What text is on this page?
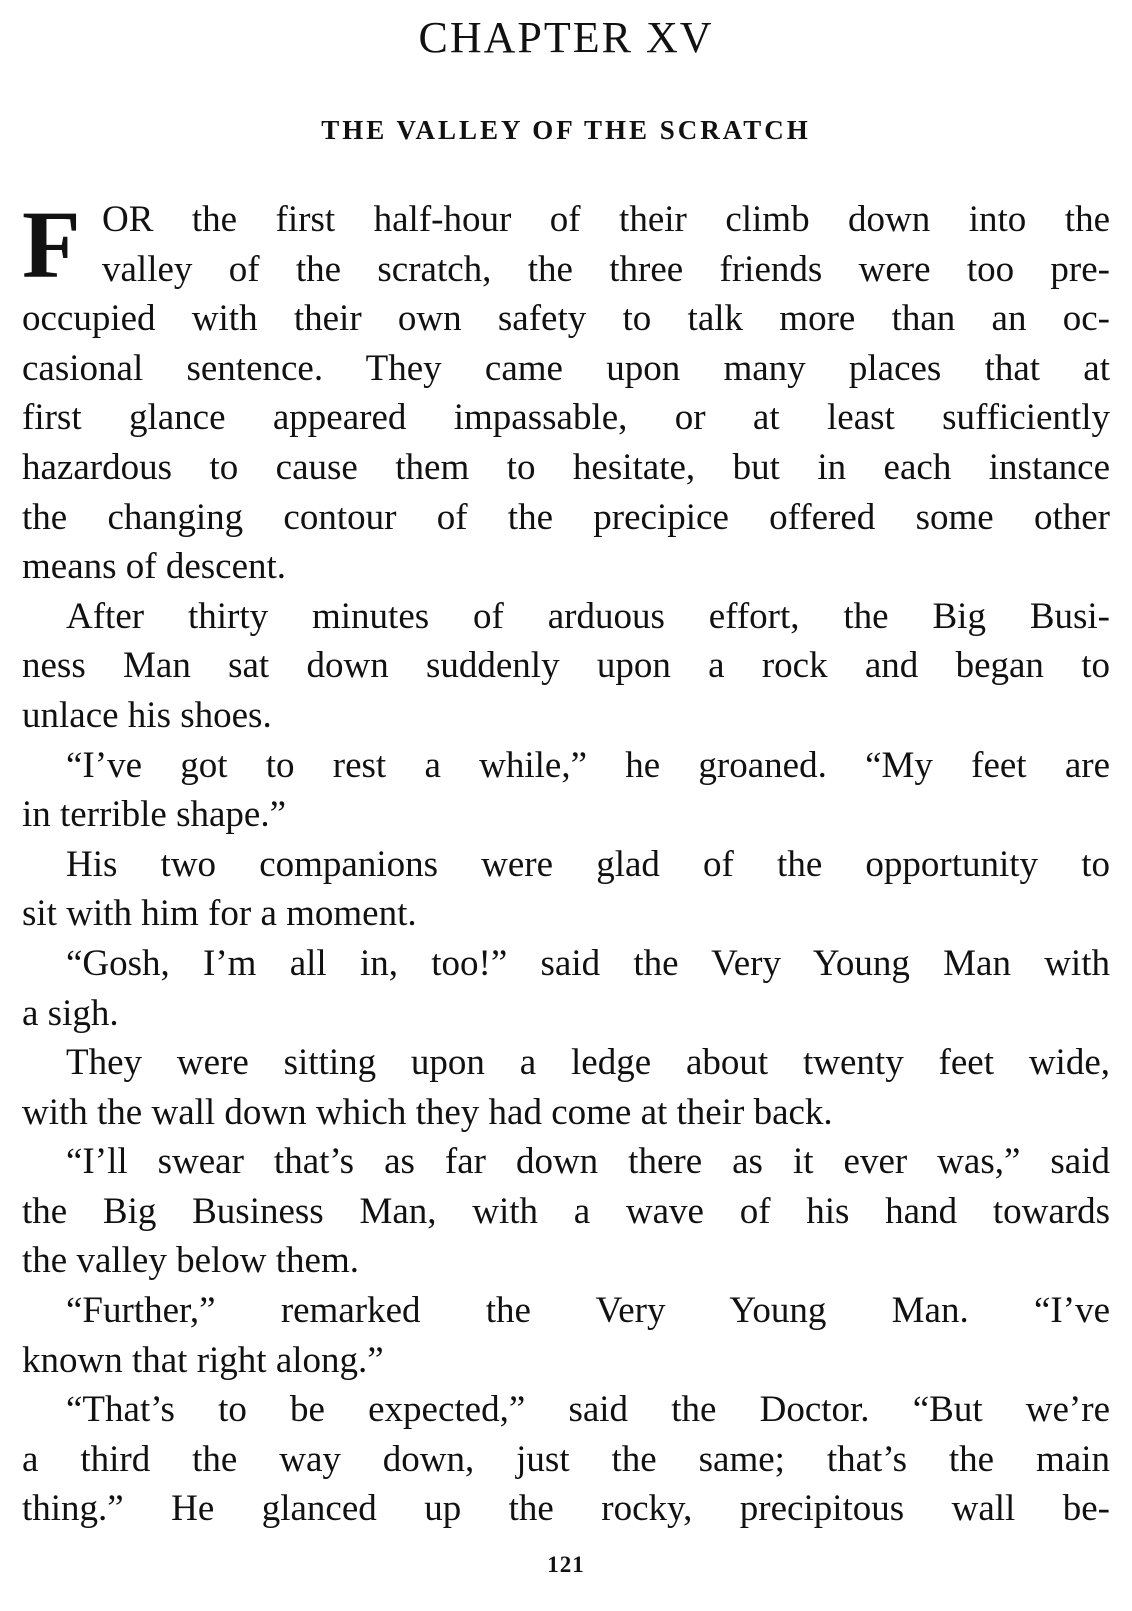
CHAPTER XV
THE VALLEY OF THE SCRATCH
F OR the first half-hour of their climb down into the
valley of the scratch, the three friends were too pre-
occupied with their own safety to talk more than an oc-
casional sentence. They came upon many places that at
first glance appeared impassable, or at least sufficiently
hazardous to cause them to hesitate, but in each instance
the changing contour of the precipice offered some other
means of descent.
After thirty minutes of arduous effort, the Big Busi-
ness Man sat down suddenly upon a rock and began to
unlace his shoes.
“I’ve got to rest a while,” he groaned. “My feet are
in terrible shape.”
His two companions were glad of the opportunity to
sit with him for a moment.
“Gosh, I’m all in, too!” said the Very Young Man with
a sigh.
They were sitting upon a ledge about twenty feet wide,
with the wall down which they had come at their back.
“I’ll swear that’s as far down there as it ever was,” said
the Big Business Man, with a wave of his hand towards
the valley below them.
“Further,” remarked the Very Young Man. “I’ve
known that right along.”
“That’s to be expected,” said the Doctor. “But we’re
a third the way down, just the same; that’s the main
thing.” He glanced up the rocky, precipitous wall be-
121
